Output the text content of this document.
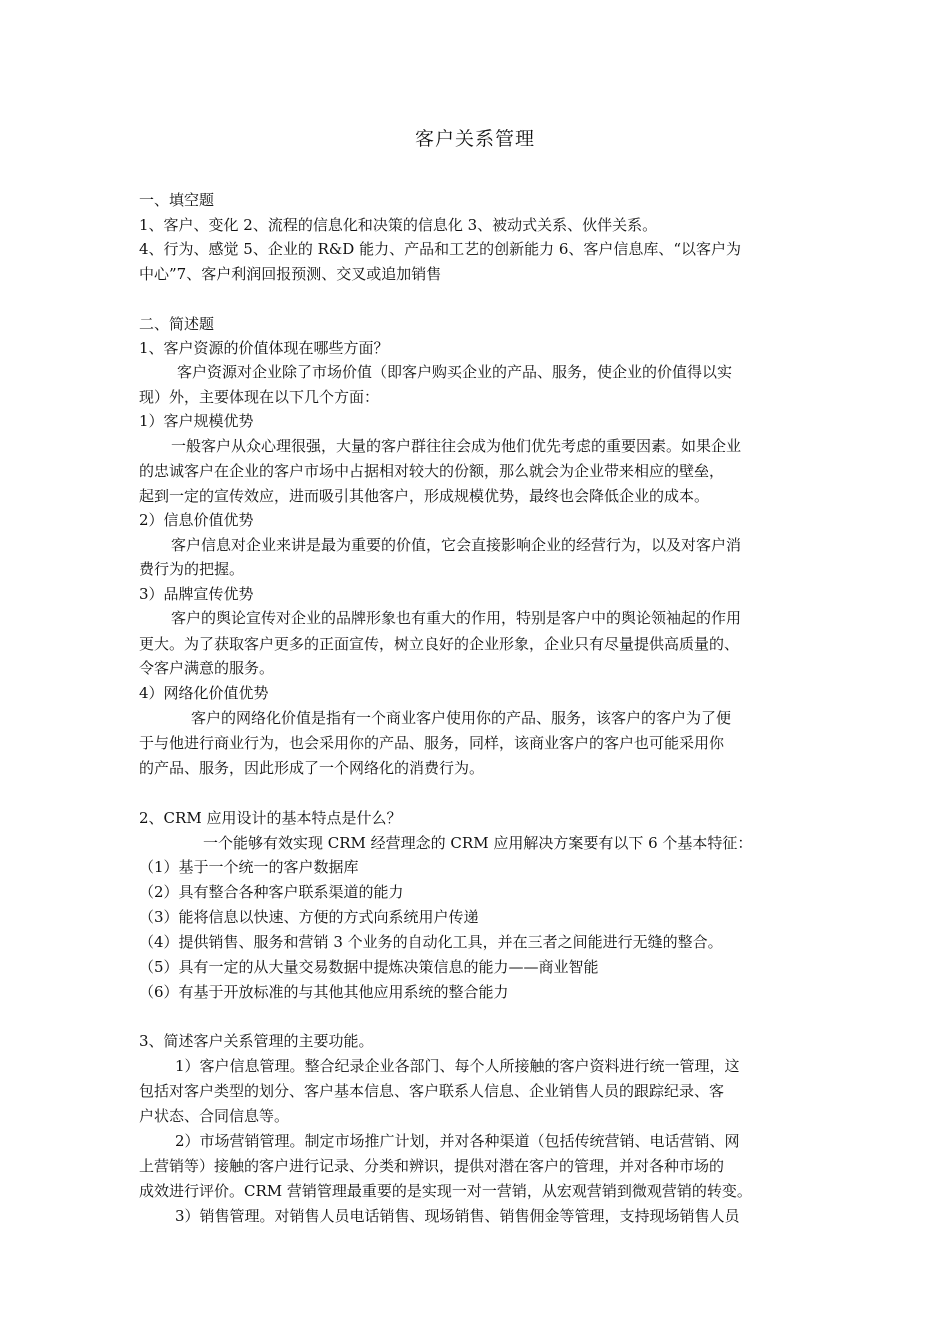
客户关系管理
一、填空题
1、客户、变化 2、流程的信息化和决策的信息化 3、被动式关系、伙伴关系。
4、行为、感觉 5、企业的 R&D 能力、产品和工艺的创新能力 6、客户信息库、“以客户为
中心”7、客户利润回报预测、交叉或追加销售
二、简述题
1、客户资源的价值体现在哪些方面？
客户资源对企业除了市场价值（即客户购买企业的产品、服务，使企业的价值得以实
现）外，主要体现在以下几个方面：
1）客户规模优势
一般客户从众心理很强，大量的客户群往往会成为他们优先考虑的重要因素。如果企业
的忠诚客户在企业的客户市场中占据相对较大的份额，那么就会为企业带来相应的壁垒，
起到一定的宣传效应，进而吸引其他客户，形成规模优势，最终也会降低企业的成本。
2）信息价值优势
客户信息对企业来讲是最为重要的价值，它会直接影响企业的经营行为，以及对客户消
费行为的把握。
3）品牌宣传优势
客户的舆论宣传对企业的品牌形象也有重大的作用，特别是客户中的舆论领袖起的作用
更大。为了获取客户更多的正面宣传，树立良好的企业形象，企业只有尽量提供高质量的、
令客户满意的服务。
4）网络化价值优势
客户的网络化价值是指有一个商业客户使用你的产品、服务，该客户的客户为了便
于与他进行商业行为，也会采用你的产品、服务，同样，该商业客户的客户也可能采用你
的产品、服务，因此形成了一个网络化的消费行为。
2、CRM 应用设计的基本特点是什么？
一个能够有效实现 CRM 经营理念的 CRM 应用解决方案要有以下 6 个基本特征：
（1）基于一个统一的客户数据库
（2）具有整合各种客户联系渠道的能力
（3）能将信息以快速、方便的方式向系统用户传递
（4）提供销售、服务和营销 3 个业务的自动化工具，并在三者之间能进行无缝的整合。
（5）具有一定的从大量交易数据中提炼决策信息的能力——商业智能
（6）有基于开放标准的与其他其他应用系统的整合能力
3、简述客户关系管理的主要功能。
1）客户信息管理。整合纪录企业各部门、每个人所接触的客户资料进行统一管理，这
包括对客户类型的划分、客户基本信息、客户联系人信息、企业销售人员的跟踪纪录、客
户状态、合同信息等。
2）市场营销管理。制定市场推广计划，并对各种渠道（包括传统营销、电话营销、网
上营销等）接触的客户进行记录、分类和辨识，提供对潜在客户的管理，并对各种市场的
成效进行评价。CRM 营销管理最重要的是实现一对一营销，从宏观营销到微观营销的转变。
3）销售管理。对销售人员电话销售、现场销售、销售佣金等管理，支持现场销售人员
